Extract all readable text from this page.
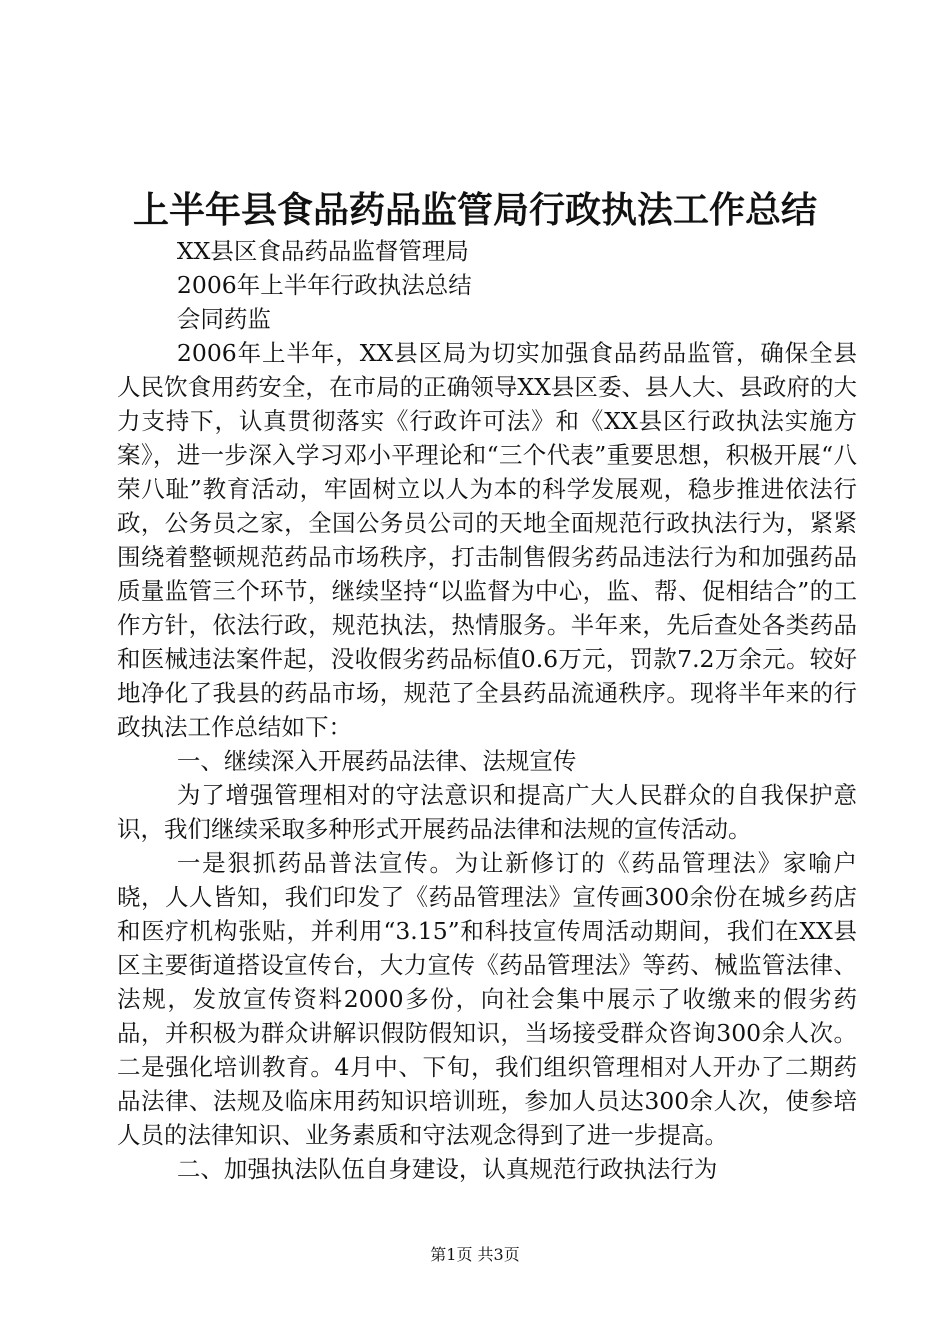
上半年县食品药品监管局行政执法工作总结

XX县区食品药品监督管理局

2006年上半年行政执法总结

会同药监

2006年上半年，XX县区局为切实加强食品药品监管，确保全县人民饮食用药安全，在市局的正确领导XX县区委、县人大、县政府的大力支持下，认真贯彻落实《行政许可法》和《XX县区行政执法实施方案》，进一步深入学习邓小平理论和“三个代表”重要思想，积极开展“八荣八耻”教育活动，牢固树立以人为本的科学发展观，稳步推进依法行政，公务员之家，全国公务员公司的天地全面规范行政执法行为，紧紧围绕着整顿规范药品市场秩序，打击制售假劣药品违法行为和加强药品质量监管三个环节，继续坚持“以监督为中心，监、帮、促相结合”的工作方针，依法行政，规范执法，热情服务。半年来，先后查处各类药品和医械违法案件起，没收假劣药品标值0.6万元，罚款7.2万余元。较好地净化了我县的药品市场，规范了全县药品流通秩序。现将半年来的行政执法工作总结如下：

一、继续深入开展药品法律、法规宣传

为了增强管理相对的守法意识和提高广大人民群众的自我保护意识，我们继续采取多种形式开展药品法律和法规的宣传活动。

一是狠抓药品普法宣传。为让新修订的《药品管理法》家喻户晓，人人皆知，我们印发了《药品管理法》宣传画300余份在城乡药店和医疗机构张贴，并利用“3.15”和科技宣传周活动期间，我们在XX县区主要街道搭设宣传台，大力宣传《药品管理法》等药、械监管法律、法规，发放宣传资料2000多份，向社会集中展示了收缴来的假劣药品，并积极为群众讲解识假防假知识，当场接受群众咨询300余人次。二是强化培训教育。4月中、下旬，我们组织管理相对人开办了二期药品法律、法规及临床用药知识培训班，参加人员达300余人次，使参培人员的法律知识、业务素质和守法观念得到了进一步提高。

二、加强执法队伍自身建设，认真规范行政执法行为

第1页 共3页
